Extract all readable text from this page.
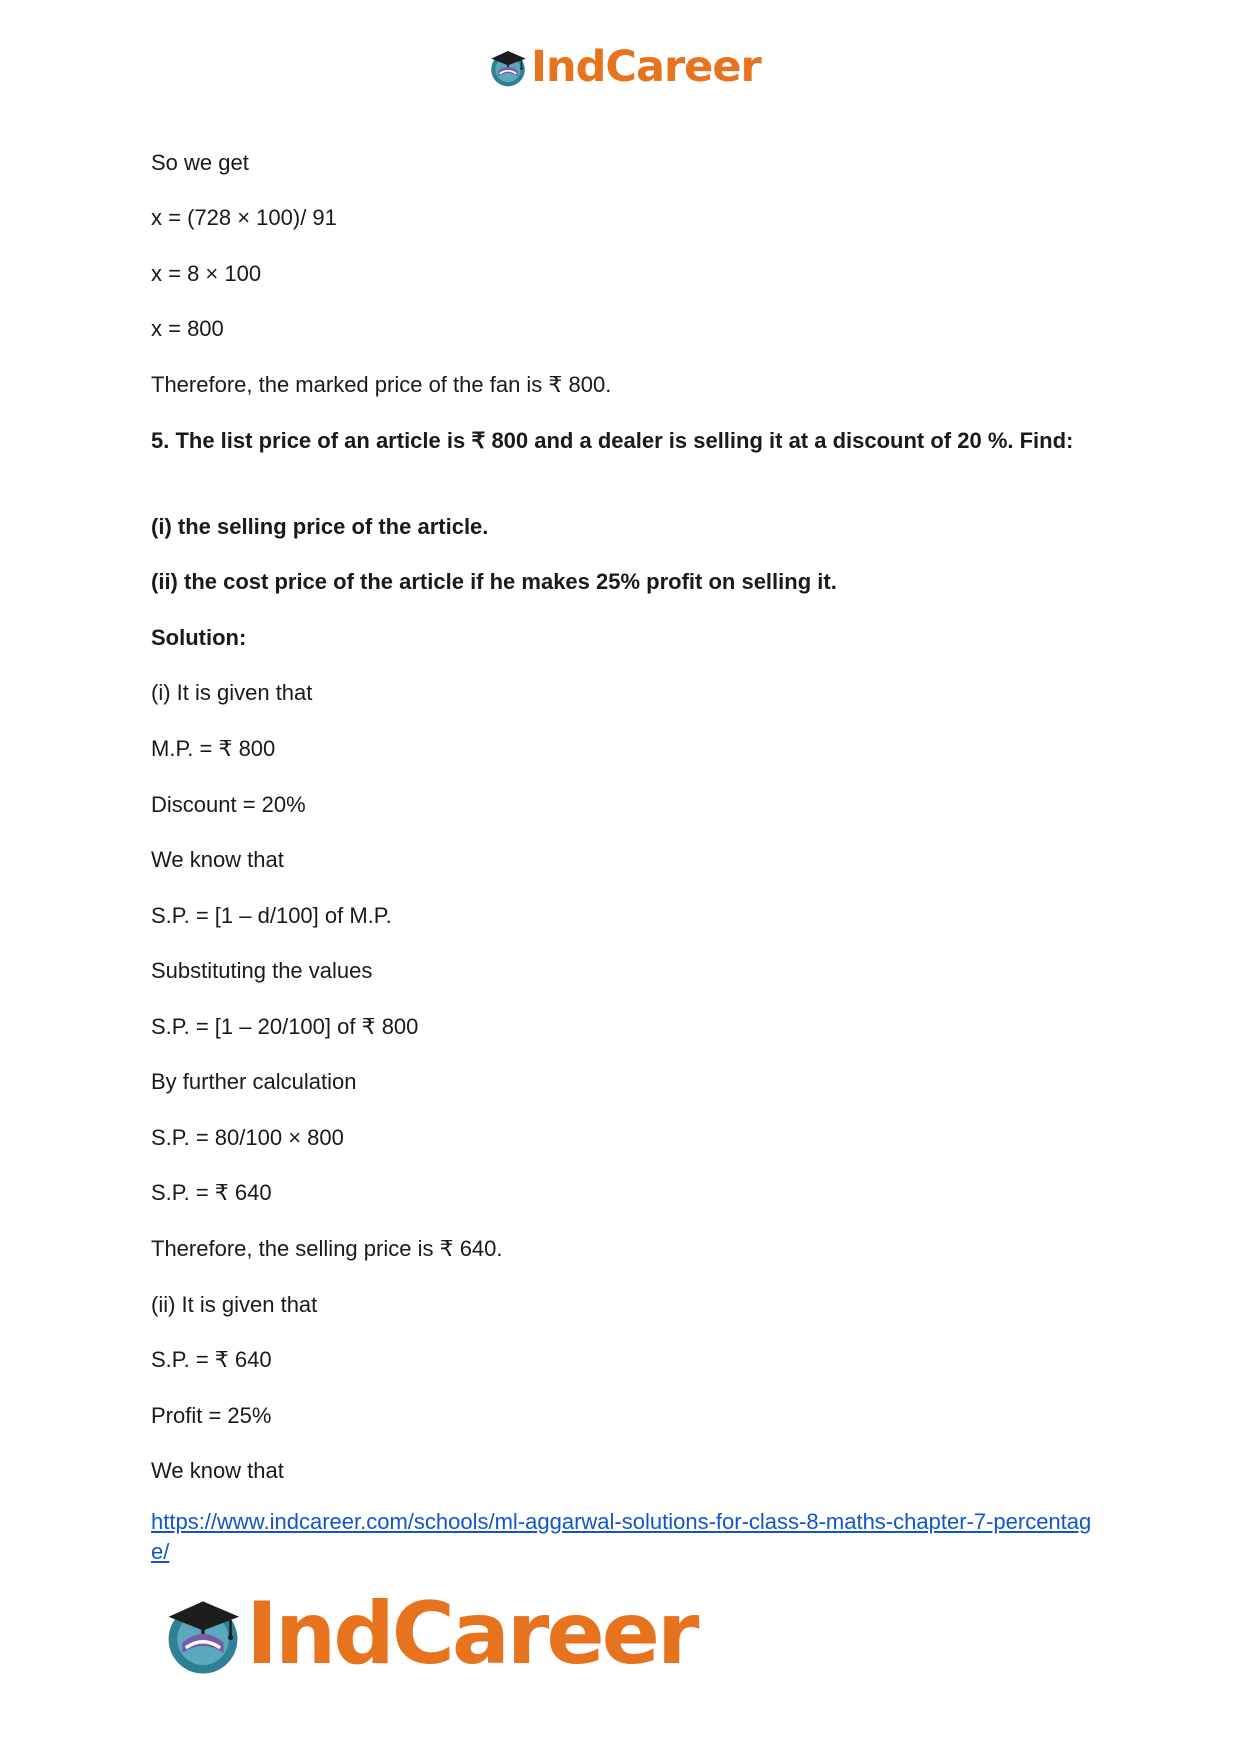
IndCareer
So we get
x = (728 × 100)/ 91
x = 8 × 100
x = 800
Therefore, the marked price of the fan is ₹ 800.
5. The list price of an article is ₹ 800 and a dealer is selling it at a discount of 20 %. Find:
(i) the selling price of the article.
(ii) the cost price of the article if he makes 25% profit on selling it.
Solution:
(i) It is given that
M.P. = ₹ 800
Discount = 20%
We know that
S.P. = [1 – d/100] of M.P.
Substituting the values
S.P. = [1 – 20/100] of ₹ 800
By further calculation
S.P. = 80/100 × 800
S.P. = ₹ 640
Therefore, the selling price is ₹ 640.
(ii) It is given that
S.P. = ₹ 640
Profit = 25%
We know that
https://www.indcareer.com/schools/ml-aggarwal-solutions-for-class-8-maths-chapter-7-percentage/
IndCareer
